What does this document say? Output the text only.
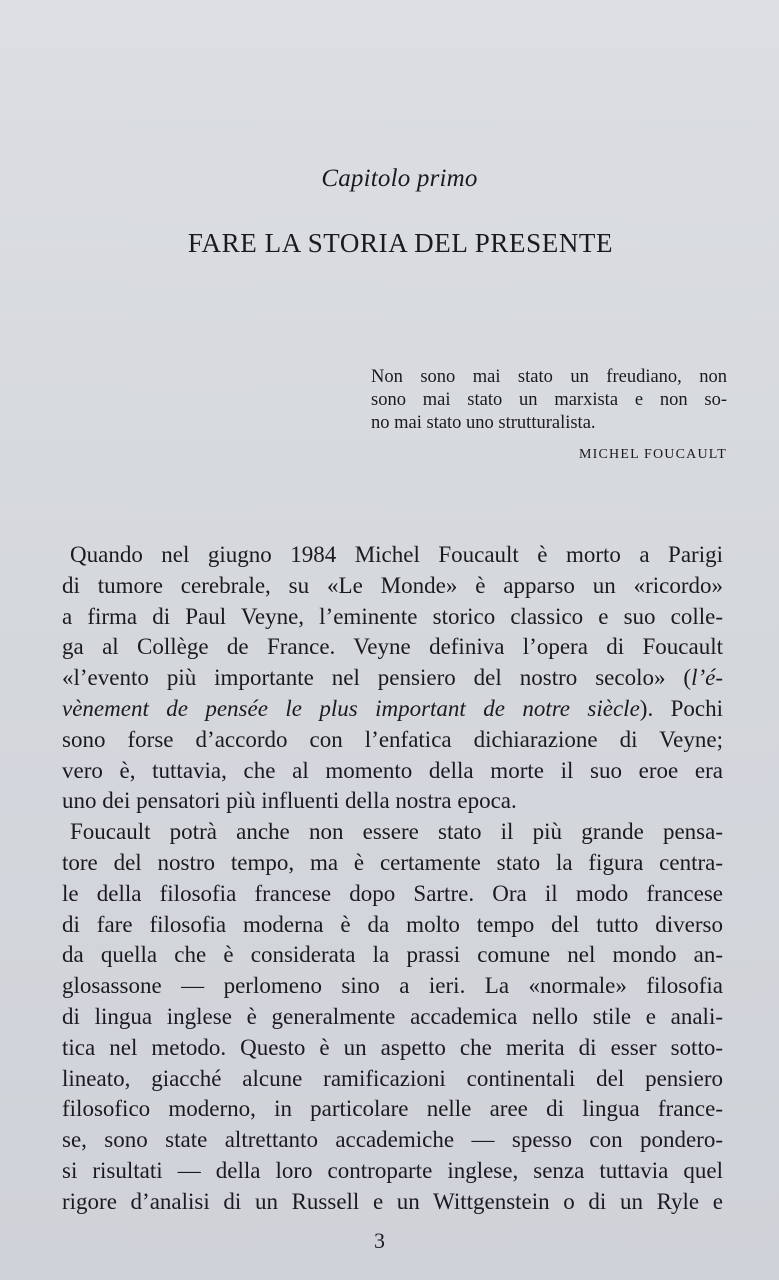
Capitolo primo
FARE LA STORIA DEL PRESENTE
Non sono mai stato un freudiano, non
sono mai stato un marxista e non so-
no mai stato uno strutturalista.
MICHEL FOUCAULT
Quando nel giugno 1984 Michel Foucault è morto a Parigi
di tumore cerebrale, su «Le Monde» è apparso un «ricordo»
a firma di Paul Veyne, l’eminente storico classico e suo colle-
ga al Collège de France. Veyne definiva l’opera di Foucault
«l’evento più importante nel pensiero del nostro secolo» (l’é-
vènement de pensée le plus important de notre siècle). Pochi
sono forse d’accordo con l’enfatica dichiarazione di Veyne;
vero è, tuttavia, che al momento della morte il suo eroe era
uno dei pensatori più influenti della nostra epoca.
Foucault potrà anche non essere stato il più grande pensa-
tore del nostro tempo, ma è certamente stato la figura centra-
le della filosofia francese dopo Sartre. Ora il modo francese
di fare filosofia moderna è da molto tempo del tutto diverso
da quella che è considerata la prassi comune nel mondo an-
glosassone — perlomeno sino a ieri. La «normale» filosofia
di lingua inglese è generalmente accademica nello stile e anali-
tica nel metodo. Questo è un aspetto che merita di esser sotto-
lineato, giacché alcune ramificazioni continentali del pensiero
filosofico moderno, in particolare nelle aree di lingua france-
se, sono state altrettanto accademiche — spesso con pondero-
si risultati — della loro controparte inglese, senza tuttavia quel
rigore d’analisi di un Russell e un Wittgenstein o di un Ryle e
3
